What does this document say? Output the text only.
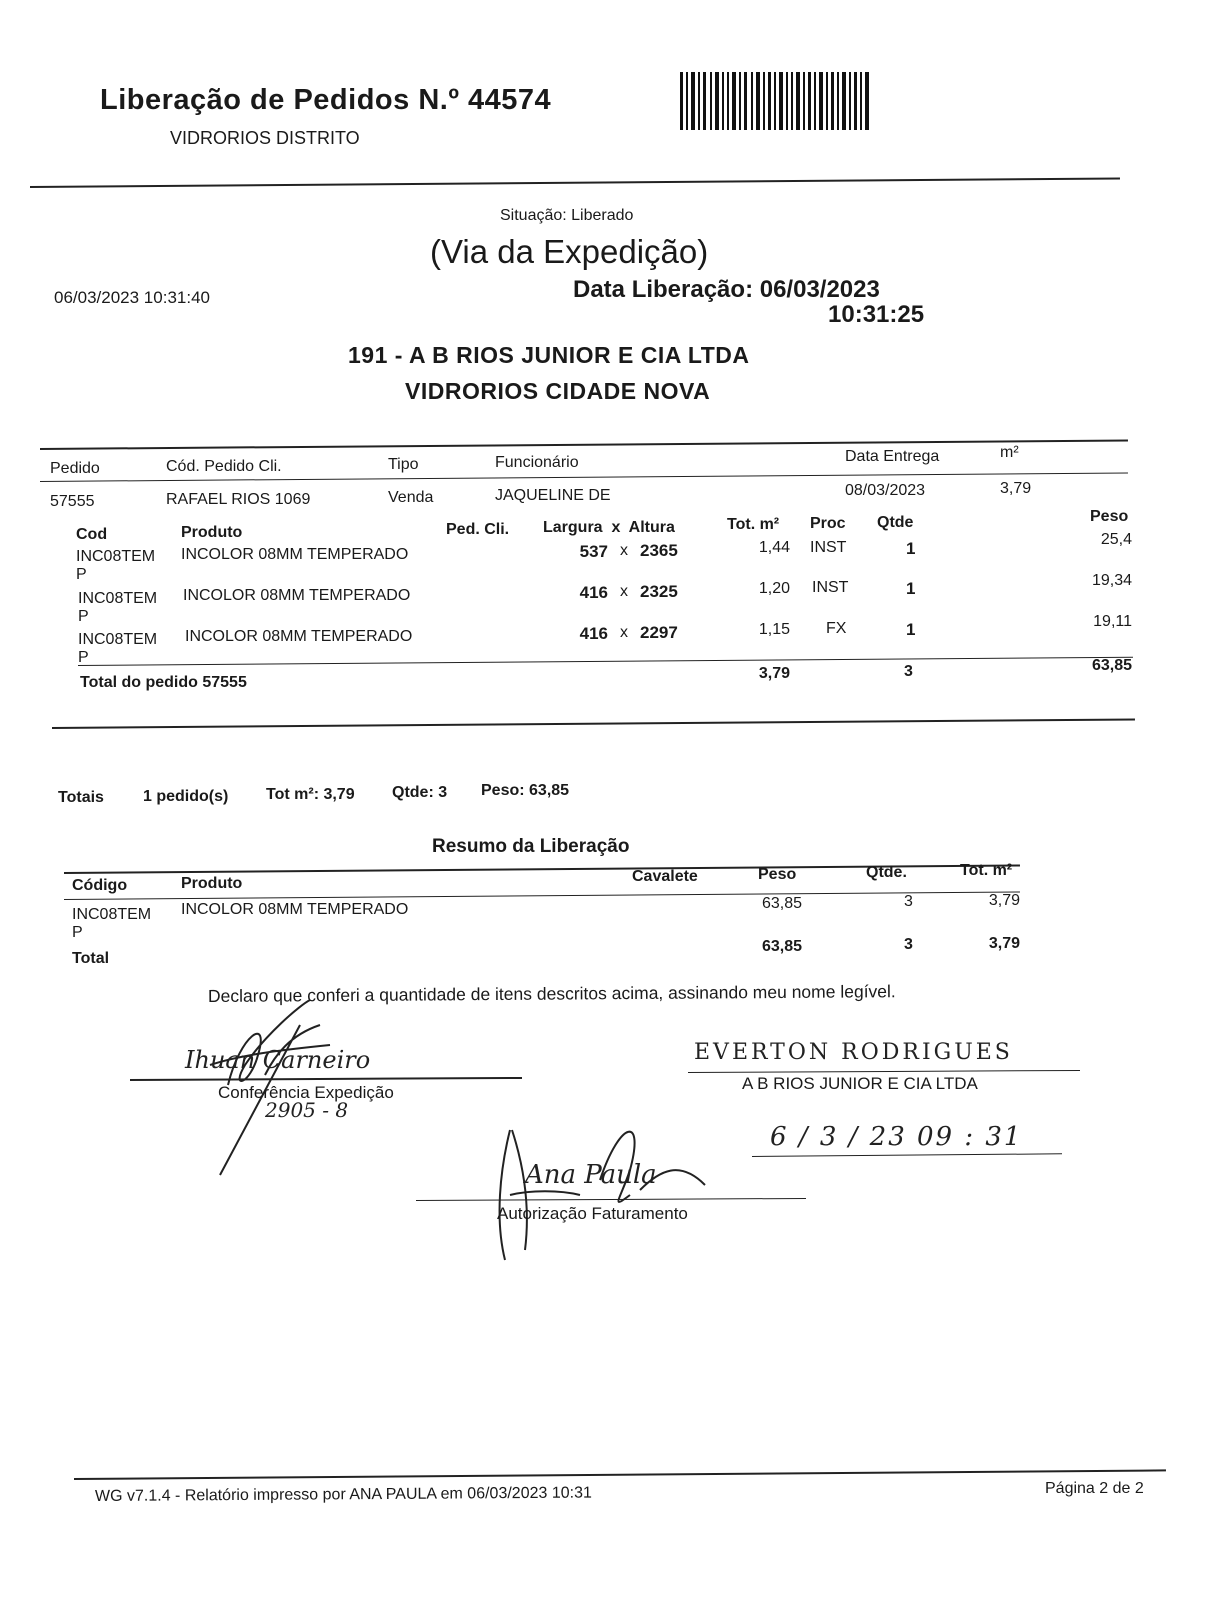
Liberação de Pedidos N.º 44574
VIDRORIOS DISTRITO
Situação: Liberado
(Via da Expedição)
06/03/2023 10:31:40	Data Liberação: 06/03/2023
10:31:25
191 - A B RIOS JUNIOR E CIA LTDA
VIDRORIOS CIDADE NOVA
Pedido	Cód. Pedido Cli.	Tipo	Funcionário	Data Entrega	m²
57555	RAFAEL RIOS 1069	Venda	JAQUELINE DE	08/03/2023	3,79
Cod	Produto	Ped. Cli. Largura  x  Altura	Tot. m² Proc Qtde	Peso
INC08TEM
P
INCOLOR 08MM TEMPERADO	537 x 2365	1,44 INST	1	25,4
INC08TEM
P
INCOLOR 08MM TEMPERADO	416 x 2325	1,20 INST	1	19,34
INC08TEM
P
INCOLOR 08MM TEMPERADO	416 x 2297	1,15 FX	1	19,11
Total do pedido 57555
3,79	3	63,85
Totais 1 pedido(s) Tot m²: 3,79 Qtde: 3 Peso: 63,85
Resumo da Liberação
Código	Produto	Cavalete	Peso	Qtde.	Tot. m²
INC08TEM
P
INCOLOR 08MM TEMPERADO	63,85	3	3,79
Total
63,85	3	3,79
Declaro que conferi a quantidade de itens descritos acima, assinando meu nome legível.
Ihuan Carneiro
Conferência Expedição
2905 - 8
EVERTON RODRIGUES
A B RIOS JUNIOR E CIA LTDA
6 / 3 / 23 09 : 31
Ana Paula
Autorização Faturamento
WG v7.1.4 - Relatório impresso por ANA PAULA em 06/03/2023 10:31	Página 2 de 2
